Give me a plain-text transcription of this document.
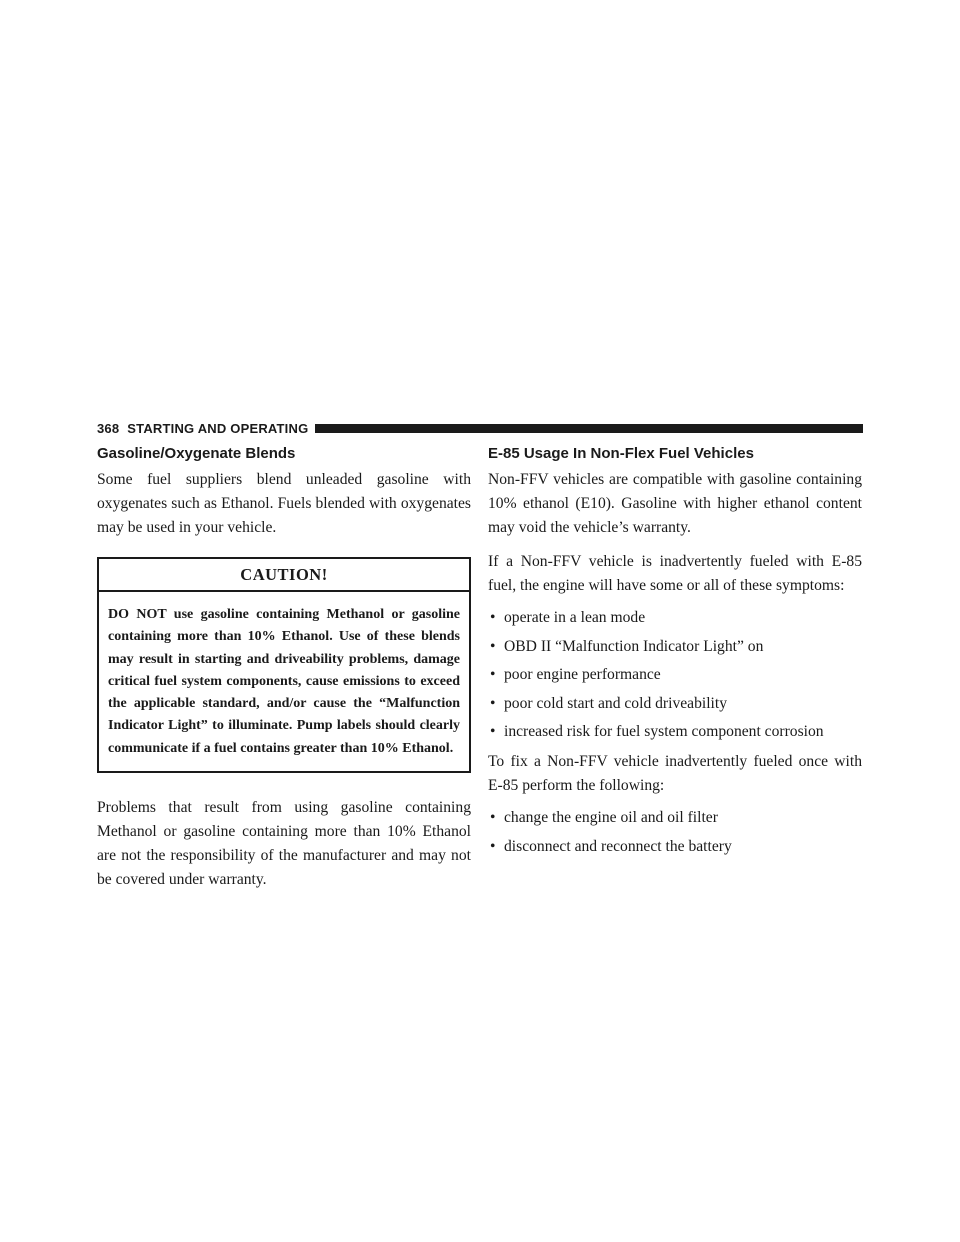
368 STARTING AND OPERATING
Gasoline/Oxygenate Blends

Some fuel suppliers blend unleaded gasoline with oxygenates such as Ethanol. Fuels blended with oxygenates may be used in your vehicle.

CAUTION!
DO NOT use gasoline containing Methanol or gasoline containing more than 10% Ethanol. Use of these blends may result in starting and driveability problems, damage critical fuel system components, cause emissions to exceed the applicable standard, and/or cause the “Malfunction Indicator Light” to illuminate. Pump labels should clearly communicate if a fuel contains greater than 10% Ethanol.

Problems that result from using gasoline containing Methanol or gasoline containing more than 10% Ethanol are not the responsibility of the manufacturer and may not be covered under warranty.

E-85 Usage In Non-Flex Fuel Vehicles

Non-FFV vehicles are compatible with gasoline containing 10% ethanol (E10). Gasoline with higher ethanol content may void the vehicle’s warranty.

If a Non-FFV vehicle is inadvertently fueled with E-85 fuel, the engine will have some or all of these symptoms:

• operate in a lean mode
• OBD II “Malfunction Indicator Light” on
• poor engine performance
• poor cold start and cold driveability
• increased risk for fuel system component corrosion

To fix a Non-FFV vehicle inadvertently fueled once with E-85 perform the following:

• change the engine oil and oil filter
• disconnect and reconnect the battery
